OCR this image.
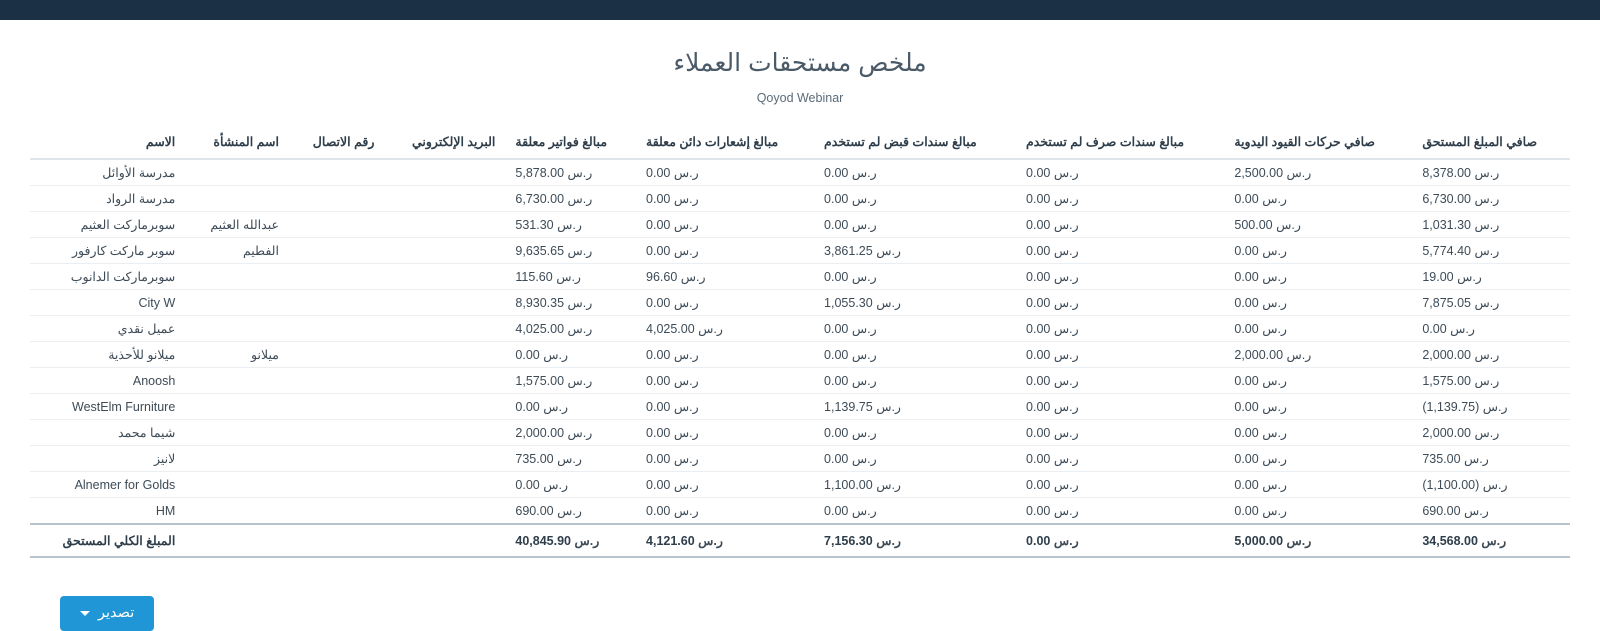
ملخص مستحقات العملاء
Qoyod Webinar
صافي المبلغ المستحق	صافي حركات القيود اليدوية	مبالغ سندات صرف لم تستخدم	مبالغ سندات قبض لم تستخدم	مبالغ إشعارات دائن معلقة	مبالغ فواتير معلقة	البريد الإلكتروني	رقم الاتصال	اسم المنشأة	الاسم
8,378.00 ر.س	2,500.00 ر.س	0.00 ر.س	0.00 ر.س	0.00 ر.س	5,878.00 ر.س				مدرسة الأوائل
6,730.00 ر.س	0.00 ر.س	0.00 ر.س	0.00 ر.س	0.00 ر.س	6,730.00 ر.س				مدرسة الرواد
1,031.30 ر.س	500.00 ر.س	0.00 ر.س	0.00 ر.س	0.00 ر.س	531.30 ر.س			عبدالله العثيم	سوبرماركت العثيم
5,774.40 ر.س	0.00 ر.س	0.00 ر.س	3,861.25 ر.س	0.00 ر.س	9,635.65 ر.س			الفطيم	سوبر ماركت كارفور
19.00 ر.س	0.00 ر.س	0.00 ر.س	0.00 ر.س	96.60 ر.س	115.60 ر.س				سوبرماركت الدانوب
7,875.05 ر.س	0.00 ر.س	0.00 ر.س	1,055.30 ر.س	0.00 ر.س	8,930.35 ر.س				City W
0.00 ر.س	0.00 ر.س	0.00 ر.س	0.00 ر.س	4,025.00 ر.س	4,025.00 ر.س				عميل نقدي
2,000.00 ر.س	2,000.00 ر.س	0.00 ر.س	0.00 ر.س	0.00 ر.س	0.00 ر.س			ميلانو	ميلانو للأحذية
1,575.00 ر.س	0.00 ر.س	0.00 ر.س	0.00 ر.س	0.00 ر.س	1,575.00 ر.س				Anoosh
(1,139.75) ر.س	0.00 ر.س	0.00 ر.س	1,139.75 ر.س	0.00 ر.س	0.00 ر.س				WestElm Furniture
2,000.00 ر.س	0.00 ر.س	0.00 ر.س	0.00 ر.س	0.00 ر.س	2,000.00 ر.س				شيما محمد
735.00 ر.س	0.00 ر.س	0.00 ر.س	0.00 ر.س	0.00 ر.س	735.00 ر.س				لانيز
(1,100.00) ر.س	0.00 ر.س	0.00 ر.س	1,100.00 ر.س	0.00 ر.س	0.00 ر.س				Alnemer for Golds
690.00 ر.س	0.00 ر.س	0.00 ر.س	0.00 ر.س	0.00 ر.س	690.00 ر.س				HM
34,568.00 ر.س	5,000.00 ر.س	0.00 ر.س	7,156.30 ر.س	4,121.60 ر.س	40,845.90 ر.س				المبلغ الكلي المستحق
تصدير
